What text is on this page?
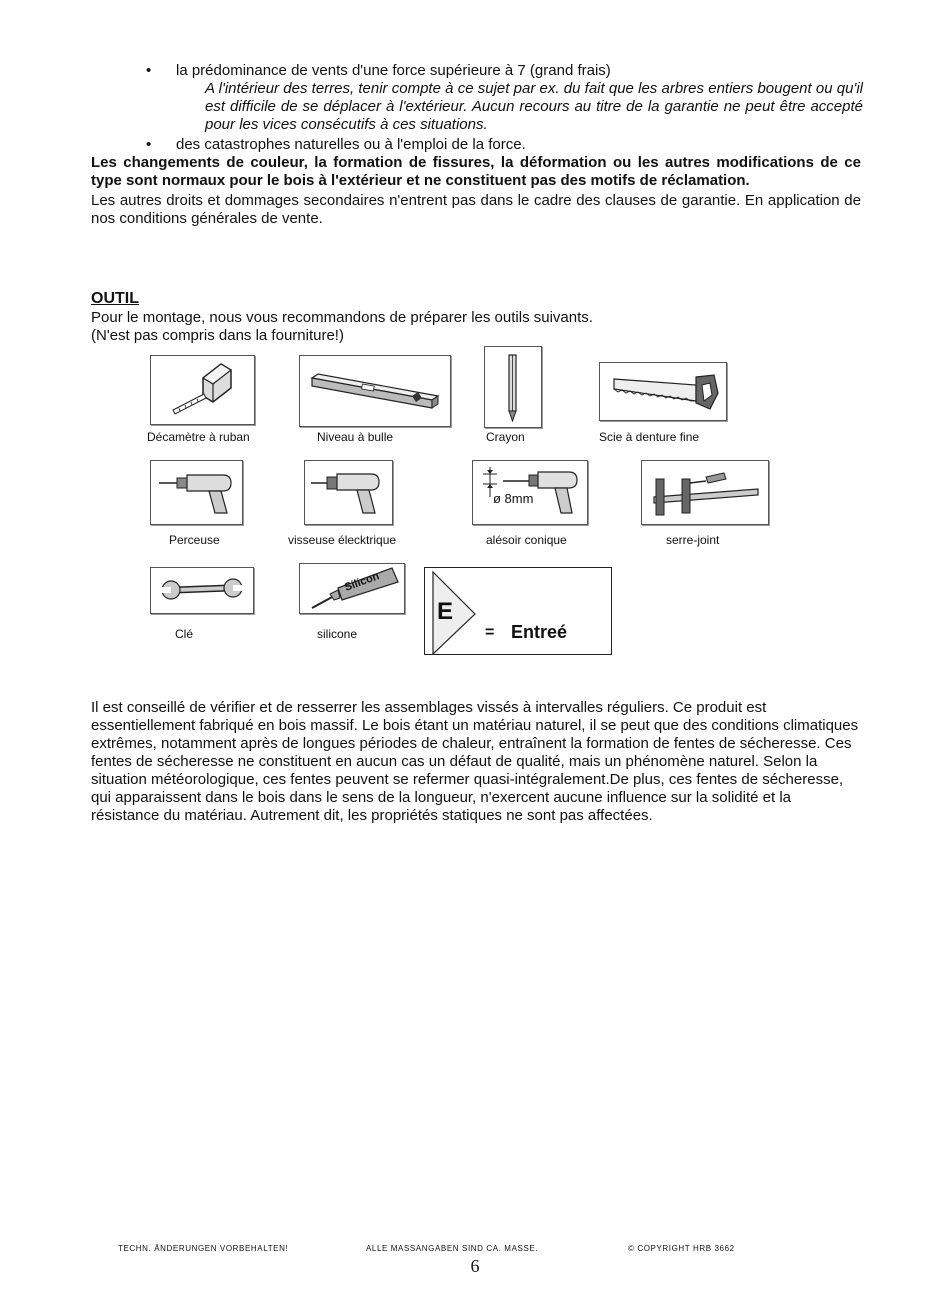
• la prédominance de vents d'une force supérieure à 7 (grand frais)
A l'intérieur des terres, tenir compte à ce sujet par ex. du fait que les arbres entiers bougent ou qu'il est difficile de se déplacer à l'extérieur. Aucun recours au titre de la garantie ne peut être accepté pour les vices consécutifs à ces situations.
• des catastrophes naturelles ou à l'emploi de la force.
Les changements de couleur, la formation de fissures, la déformation ou les autres modifications de ce type sont normaux pour le bois à l'extérieur et ne constituent pas des motifs de réclamation.
Les autres droits et dommages secondaires n'entrent pas dans le cadre des clauses de garantie. En application de nos conditions générales de vente.
OUTIL
Pour le montage, nous vous recommandons de préparer les outils suivants.
(N'est pas compris dans la fourniture!)
Décamètre à ruban	Niveau à bulle	Crayon	Scie à denture fine
ø 8mm
Perceuse	visseuse élecktrique	alésoir conique	serre-joint
Silicon
Clé	silicone
E
= Entreé
Il est conseillé de vérifier et de resserrer les assemblages vissés à intervalles réguliers. Ce produit est essentiellement fabriqué en bois massif. Le bois étant un matériau naturel, il se peut que des conditions climatiques extrêmes, notamment après de longues périodes de chaleur, entraînent la formation de fentes de sécheresse. Ces fentes de sécheresse ne constituent en aucun cas un défaut de qualité, mais un phénomène naturel. Selon la situation météorologique, ces fentes peuvent se refermer quasi-intégralement.De plus, ces fentes de sécheresse, qui apparaissent dans le bois dans le sens de la longueur, n'exercent aucune influence sur la solidité et la résistance du matériau. Autrement dit, les propriétés statiques ne sont pas affectées.
TECHN. ÄNDERUNGEN VORBEHALTEN!	ALLE MASSANGABEN SIND CA. MASSE.	© COPYRIGHT HRB 3662
6
